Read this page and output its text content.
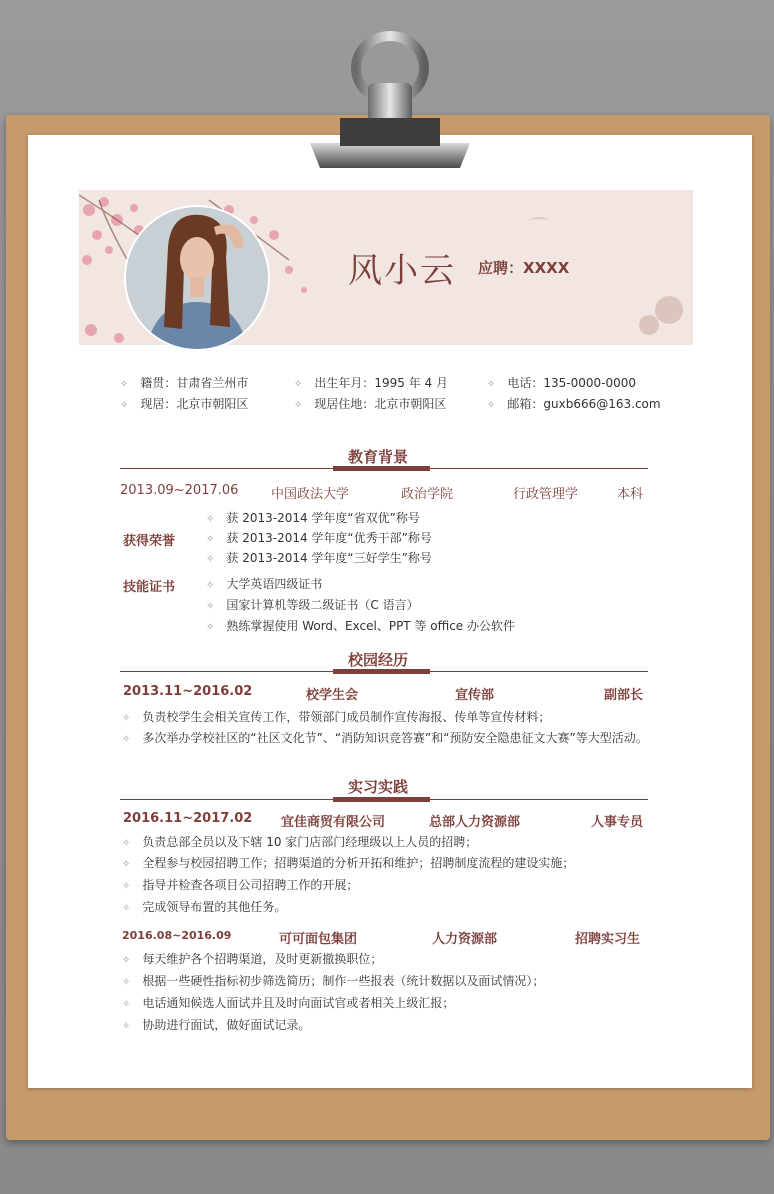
风小云 应聘：XXXX
✧ 籍贯：甘肃省兰州市
✧ 现居：北京市朝阳区
✧ 出生年月：1995 年 4 月
✧ 现居住地：北京市朝阳区
✧ 电话：135-0000-0000
✧ 邮箱：guxb666@163.com
教育背景
2013.09~2017.06	中国政法大学	政治学院	行政管理学	本科
获得荣誉
✧ 获 2013-2014 学年度“省双优”称号
✧ 获 2013-2014 学年度“优秀干部”称号
✧ 获 2013-2014 学年度“三好学生”称号
技能证书	✧ 大学英语四级证书
✧ 国家计算机等级二级证书（C 语言）
✧ 熟练掌握使用 Word、Excel、PPT 等 office 办公软件
校园经历
2013.11~2016.02	校学生会	宣传部	副部长
✧ 负责校学生会相关宣传工作，带领部门成员制作宣传海报、传单等宣传材料；
✧ 多次举办学校社区的“社区文化节”、“消防知识竞答赛”和“预防安全隐患征文大赛”等大型活动。
实习实践
2016.11~2017.02 宜佳商贸有限公司	总部人力资源部	人事专员
✧ 负责总部全员以及下辖 10 家门店部门经理级以上人员的招聘；
✧ 全程参与校园招聘工作；招聘渠道的分析开拓和维护；招聘制度流程的建设实施；
✧ 指导并检查各项目公司招聘工作的开展；
✧ 完成领导布置的其他任务。
2016.08~2016.09	可可面包集团	人力资源部	招聘实习生
✧ 每天维护各个招聘渠道，及时更新撤换职位；
✧ 根据一些硬性指标初步筛选简历；制作一些报表（统计数据以及面试情况）；
✧ 电话通知候选人面试并且及时向面试官或者相关上级汇报；
✧ 协助进行面试，做好面试记录。
